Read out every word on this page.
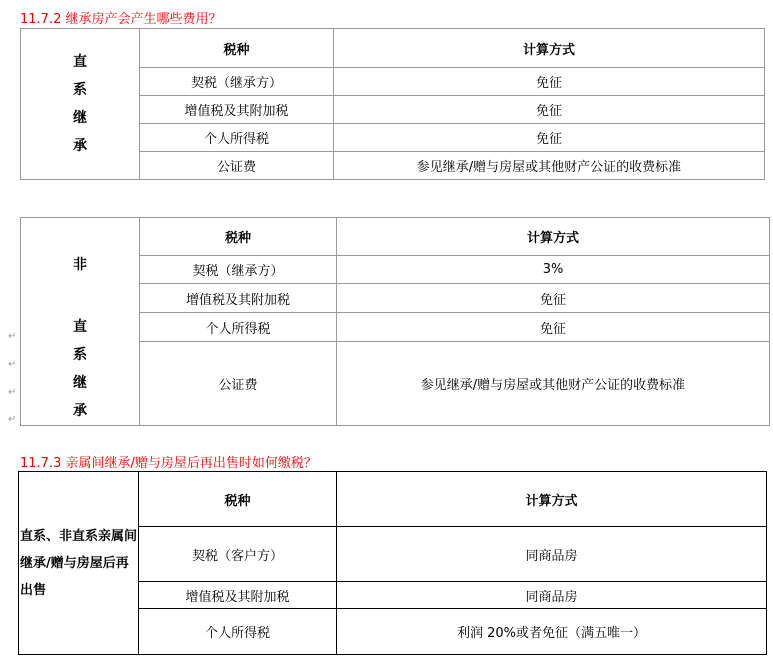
11.7.2 继承房产会产生哪些费用？
直
系
继
承	税种	计算方式
	契税（继承方）	免征
	增值税及其附加税	免征
	个人所得税	免征
	公证费	参见继承/赠与房屋或其他财产公证的收费标准
非	税种	计算方式
	契税（继承方）	3%
	增值税及其附加税	免征

直
系
继
承	个人所得税	免征
	公证费	参见继承/赠与房屋或其他财产公证的收费标准
↵
↵
↵
↵
11.7.3 亲属间继承/赠与房屋后再出售时如何缴税？
直系、非直系亲属间
继承/赠与房屋后再
出售	税种	计算方式
	契税（客户方）	同商品房
	增值税及其附加税	同商品房
	个人所得税	利润 20%或者免征（满五唯一）
